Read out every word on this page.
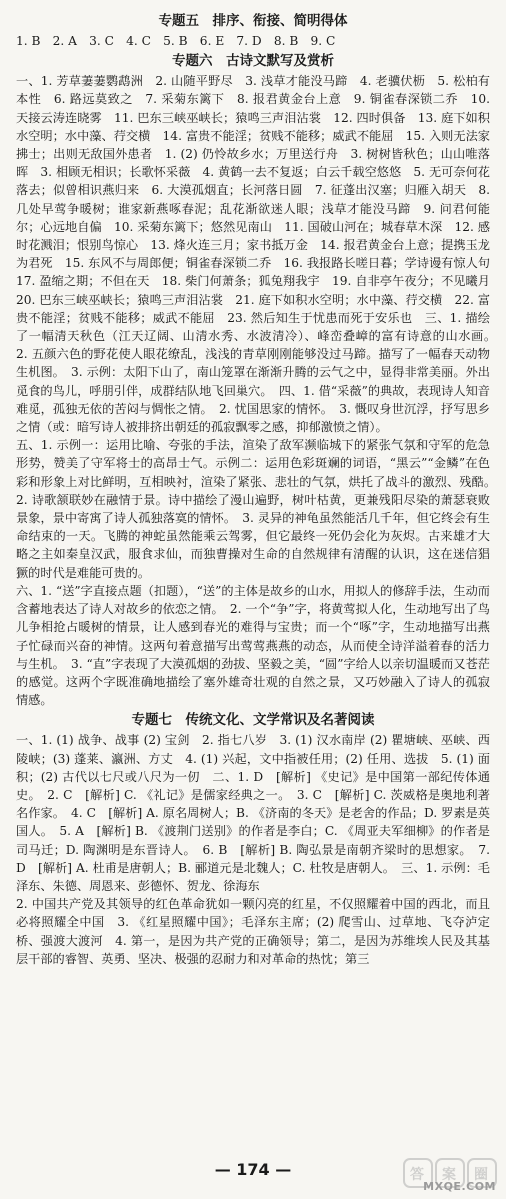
专题五　排序、衔接、简明得体

1. B　2. A　3. C　4. C　5. B　6. E　7. D　8. B　9. C

专题六　古诗文默写及赏析

一、1. 芳草萋萋鹦鹉洲　2. 山随平野尽　3. 浅草才能没马蹄　4. 老骥伏枥　5. 松柏有本性　6. 路远莫致之　7. 采菊东篱下　8. 报君黄金台上意　9. 铜雀春深锁二乔　10. 天接云涛连晓雾　11. 巴东三峡巫峡长；猿鸣三声泪沾裳　12. 四时俱备　13. 庭下如积水空明；水中藻、荇交横　14. 富贵不能淫；贫贱不能移；威武不能屈　15. 入则无法家拂士；出则无敌国外患者　1. (2) 仍怜故乡水；万里送行舟　3. 树树皆秋色；山山唯落晖　3. 相顾无相识；长歌怀采薇　4. 黄鹤一去不复返；白云千载空悠悠　5. 无可奈何花落去；似曾相识燕归来　6. 大漠孤烟直；长河落日圆　7. 征蓬出汉塞；归雁入胡天　8. 几处早莺争暖树；谁家新燕啄春泥；乱花渐欲迷人眼；浅草才能没马蹄　9. 问君何能尔；心远地自偏　10. 采菊东篱下；悠然见南山　11. 国破山河在；城春草木深　12. 感时花溅泪；恨别鸟惊心　13. 烽火连三月；家书抵万金　14. 报君黄金台上意；提携玉龙为君死　15. 东风不与周郎便；铜雀春深锁二乔　16. 我报路长嗟日暮；学诗谩有惊人句　17. 盈缩之期；不但在天　18. 柴门何萧条；狐兔翔我宇　19. 自非亭午夜分；不见曦月　20. 巴东三峡巫峡长；猿鸣三声泪沾裳　21. 庭下如积水空明；水中藻、荇交横　22. 富贵不能淫；贫贱不能移；威武不能屈　23. 然后知生于忧患而死于安乐也　三、1. 描绘了一幅清天秋色（江天辽阔、山清水秀、水波清冷）、峰峦叠嶂的富有诗意的山水画。　2. 五颜六色的野花使人眼花缭乱，浅浅的青草刚刚能够没过马蹄。描写了一幅春天动物生机图。　3. 示例：太阳下山了，南山笼罩在渐渐升腾的云气之中，显得非常美丽。外出觅食的鸟儿，呼朋引伴，成群结队地飞回巢穴。　四、1. 借“采薇”的典故，表现诗人知音难觅，孤独无依的苦闷与惆怅之情。　2. 忧国思家的情怀。　3. 慨叹身世沉浮，抒写思乡之情（或：暗写诗人被排挤出朝廷的孤寂飘零之感，抑郁激愤之情）。

五、1. 示例一：运用比喻、夸张的手法，渲染了敌军濒临城下的紧张气氛和守军的危急形势，赞美了守军将士的高昂士气。示例二：运用色彩斑斓的词语，“黑云”“金鳞”在色彩和形象上对比鲜明，互相映衬，渲染了紧张、悲壮的气氛，烘托了战斗的激烈、残酷。　2. 诗歌颔联妙在融情于景。诗中描绘了漫山遍野，树叶枯黄，更兼残阳尽染的萧瑟衰败景象，景中寄寓了诗人孤独落寞的情怀。　3. 灵异的神龟虽然能活几千年，但它终会有生命结束的一天。飞腾的神蛇虽然能乘云驾雾，但它最终一死仍会化为灰烬。古来雄才大略之主如秦皇汉武，服食求仙，而独曹操对生命的自然规律有清醒的认识，这在迷信猖獗的时代是难能可贵的。

六、1. “送”字直接点题（扣题），“送”的主体是故乡的山水，用拟人的修辞手法，生动而含蓄地表达了诗人对故乡的依恋之情。　2. 一个“争”字，将黄莺拟人化，生动地写出了鸟儿争相抢占暖树的情景，让人感到春光的难得与宝贵；而一个“啄”字，生动地描写出燕子忙碌而兴奋的神情。这两句着意描写出莺莺燕燕的动态，从而使全诗洋溢着春的活力与生机。　3. “直”字表现了大漠孤烟的劲拔、坚毅之美，“圆”字给人以亲切温暖而又苍茫的感觉。这两个字既准确地描绘了塞外雄奇壮观的自然之景，又巧妙融入了诗人的孤寂情感。

专题七　传统文化、文学常识及名著阅读

一、1. (1) 战争、战事 (2) 宝剑　2. 指七八岁　3. (1) 汉水南岸 (2) 瞿塘峡、巫峡、西陵峡；(3) 蓬莱、瀛洲、方丈　4. (1) 兴起，文中指被任用；(2) 任用、选拔　5. (1) 面积；(2) 古代以七尺或八尺为一仞　二、1. D　[解析] 《史记》是中国第一部纪传体通史。　2. C　[解析] C. 《礼记》是儒家经典之一。　3. C　[解析] C. 茨威格是奥地利著名作家。　4. C　[解析] A. 原名周树人；B. 《济南的冬天》是老舍的作品；D. 罗素是英国人。　5. A　[解析] B. 《渡荆门送别》的作者是李白；C. 《周亚夫军细柳》的作者是司马迁；D. 陶渊明是东晋诗人。　6. B　[解析] B. 陶弘景是南朝齐梁时的思想家。　7. D　[解析] A. 杜甫是唐朝人；B. 郦道元是北魏人；C. 杜牧是唐朝人。　三、1. 示例：毛泽东、朱德、周恩来、彭德怀、贺龙、徐海东

2. 中国共产党及其领导的红色革命犹如一颗闪亮的红星，不仅照耀着中国的西北，而且必将照耀全中国　3. 《红星照耀中国》；毛泽东主席；(2) 爬雪山、过草地、飞夺泸定桥、强渡大渡河　4. 第一，是因为共产党的正确领导；第二，是因为苏维埃人民及其基层干部的睿智、英勇、坚决、极强的忍耐力和对革命的热忱；第三

— 174 —	答 案 圈
MXQE.COM
